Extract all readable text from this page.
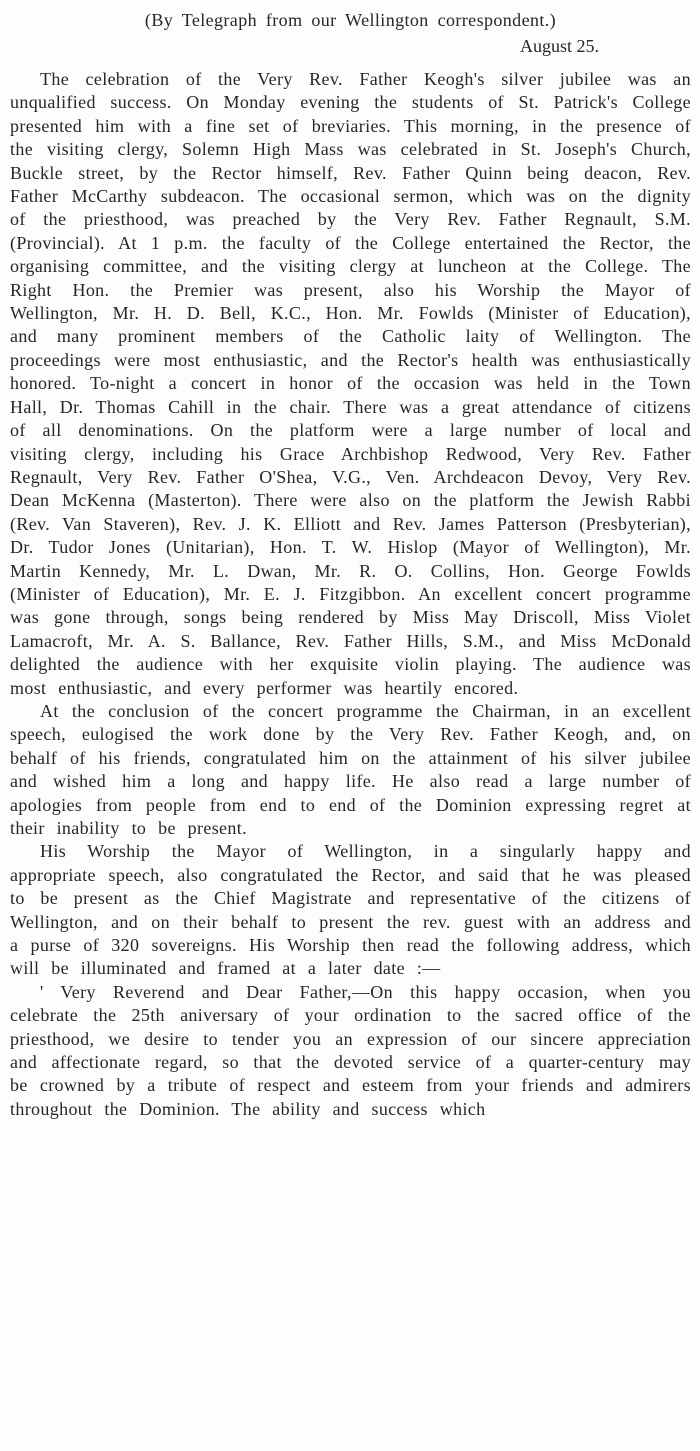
(By Telegraph from our Wellington correspondent.)
August 25.

The celebration of the Very Rev. Father Keogh's silver jubilee was an unqualified success. On Monday evening the students of St. Patrick's College presented him with a fine set of breviaries. This morning, in the presence of the visiting clergy, Solemn High Mass was celebrated in St. Joseph's Church, Buckle street, by the Rector himself, Rev. Father Quinn being deacon, Rev. Father McCarthy subdeacon. The occasional sermon, which was on the dignity of the priesthood, was preached by the Very Rev. Father Regnault, S.M. (Provincial). At 1 p.m. the faculty of the College entertained the Rector, the organising committee, and the visiting clergy at luncheon at the College. The Right Hon. the Premier was present, also his Worship the Mayor of Wellington, Mr. H. D. Bell, K.C., Hon. Mr. Fowlds (Minister of Education), and many prominent members of the Catholic laity of Wellington. The proceedings were most enthusiastic, and the Rector's health was enthusiastically honored. To-night a concert in honor of the occasion was held in the Town Hall, Dr. Thomas Cahill in the chair. There was a great attendance of citizens of all denominations. On the platform were a large number of local and visiting clergy, including his Grace Archbishop Redwood, Very Rev. Father Regnault, Very Rev. Father O'Shea, V.G., Ven. Archdeacon Devoy, Very Rev. Dean McKenna (Masterton). There were also on the platform the Jewish Rabbi (Rev. Van Staveren), Rev. J. K. Elliott and Rev. James Patterson (Presbyterian), Dr. Tudor Jones (Unitarian), Hon. T. W. Hislop (Mayor of Wellington), Mr. Martin Kennedy, Mr. L. Dwan, Mr. R. O. Collins, Hon. George Fowlds (Minister of Education), Mr. E. J. Fitzgibbon. An excellent concert programme was gone through, songs being rendered by Miss May Driscoll, Miss Violet Lamacroft, Mr. A. S. Ballance, Rev. Father Hills, S.M., and Miss McDonald delighted the audience with her exquisite violin playing. The audience was most enthusiastic, and every performer was heartily encored.

At the conclusion of the concert programme the Chairman, in an excellent speech, eulogised the work done by the Very Rev. Father Keogh, and, on behalf of his friends, congratulated him on the attainment of his silver jubilee and wished him a long and happy life. He also read a large number of apologies from people from end to end of the Dominion expressing regret at their inability to be present.

His Worship the Mayor of Wellington, in a singularly happy and appropriate speech, also congratulated the Rector, and said that he was pleased to be present as the Chief Magistrate and representative of the citizens of Wellington, and on their behalf to present the rev. guest with an address and a purse of 320 sovereigns. His Worship then read the following address, which will be illuminated and framed at a later date :—

' Very Reverend and Dear Father,—On this happy occasion, when you celebrate the 25th aniversary of your ordination to the sacred office of the priesthood, we desire to tender you an expression of our sincere appreciation and affectionate regard, so that the devoted service of a quarter-century may be crowned by a tribute of respect and esteem from your friends and admirers throughout the Dominion. The ability and success which
